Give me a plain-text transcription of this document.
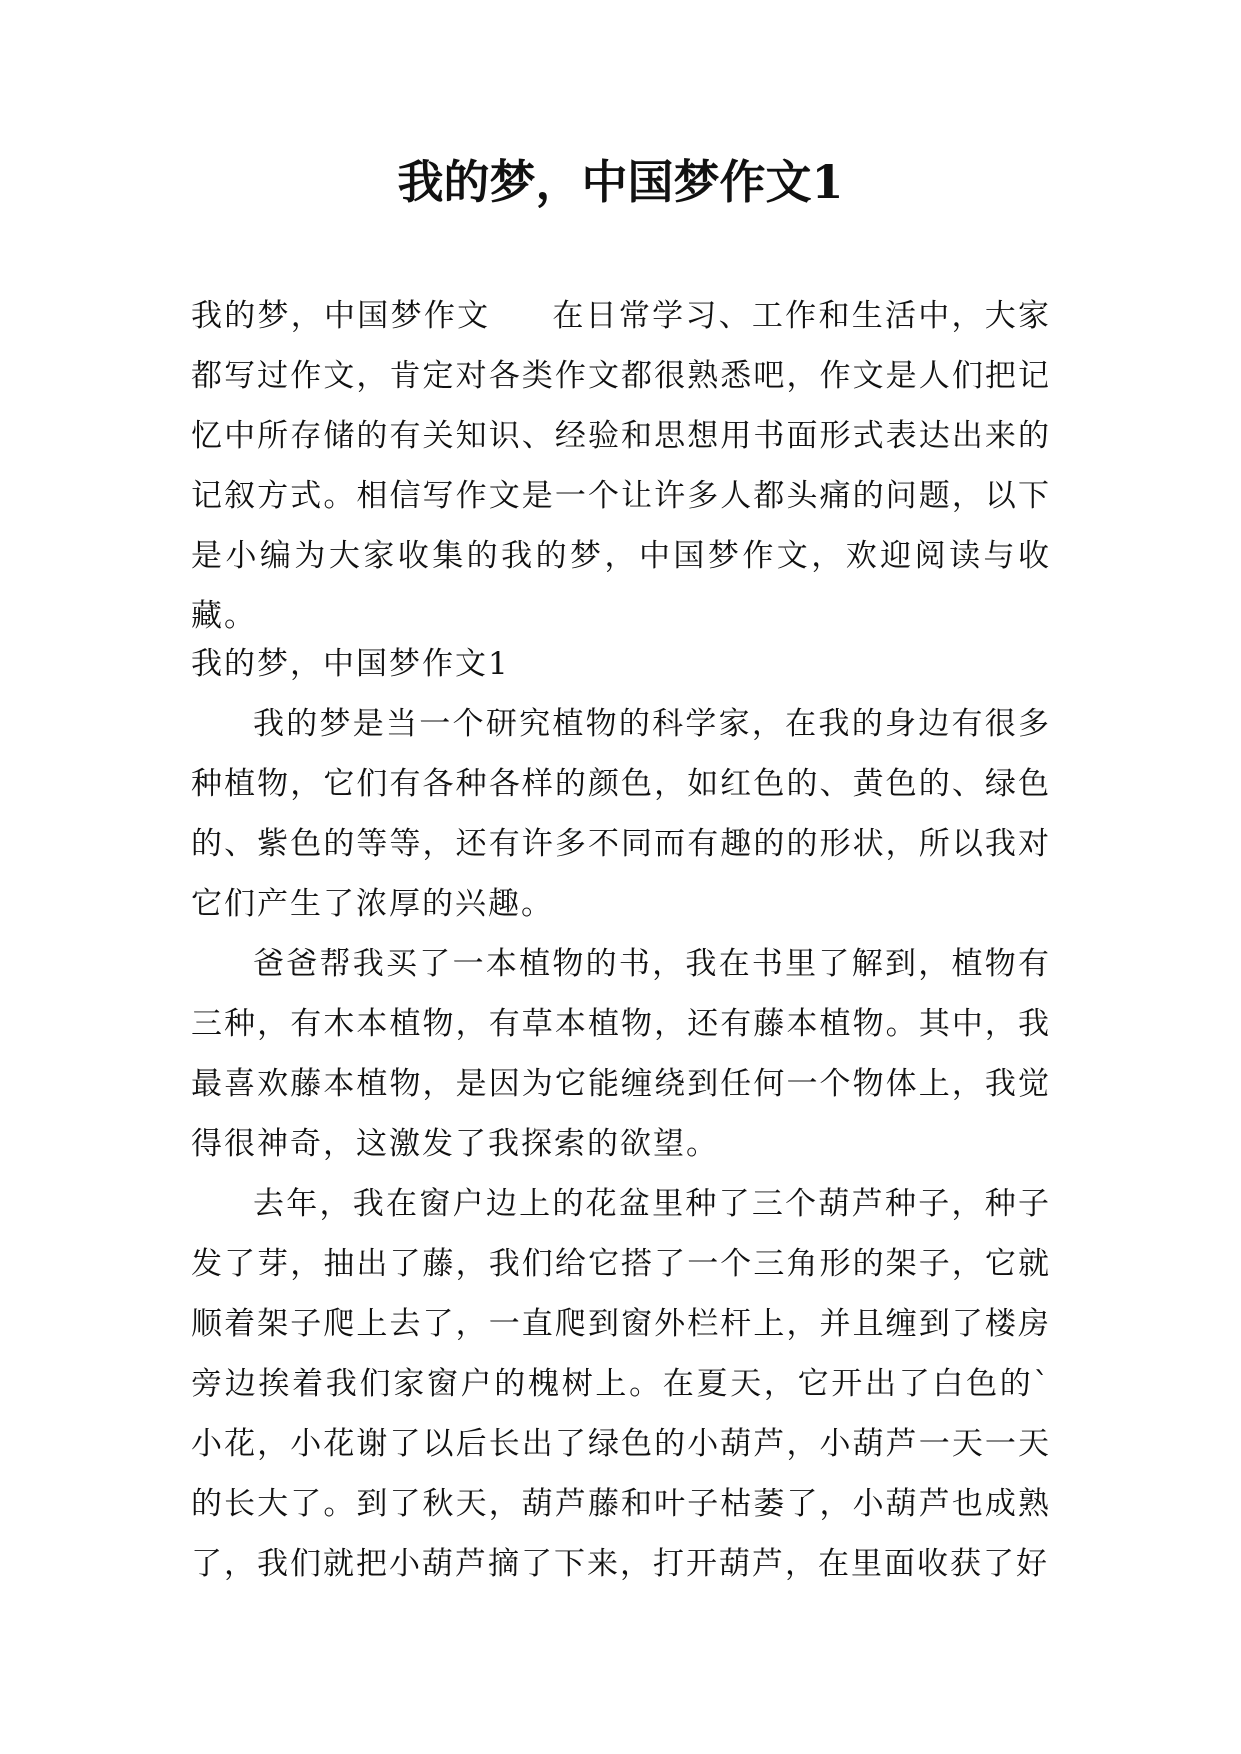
我的梦，中国梦作文1

我的梦，中国梦作文 在日常学习、工作和生活中，大家都写过作文，肯定对各类作文都很熟悉吧，作文是人们把记忆中所存储的有关知识、经验和思想用书面形式表达出来的记叙方式。相信写作文是一个让许多人都头痛的问题，以下是小编为大家收集的我的梦，中国梦作文，欢迎阅读与收藏。

我的梦，中国梦作文1

我的梦是当一个研究植物的科学家，在我的身边有很多种植物，它们有各种各样的颜色，如红色的、黄色的、绿色的、紫色的等等，还有许多不同而有趣的的形状，所以我对它们产生了浓厚的兴趣。

爸爸帮我买了一本植物的书，我在书里了解到，植物有三种，有木本植物，有草本植物，还有藤本植物。其中，我最喜欢藤本植物，是因为它能缠绕到任何一个物体上，我觉得很神奇，这激发了我探索的欲望。

去年，我在窗户边上的花盆里种了三个葫芦种子，种子发了芽，抽出了藤，我们给它搭了一个三角形的架子，它就顺着架子爬上去了，一直爬到窗外栏杆上，并且缠到了楼房旁边挨着我们家窗户的槐树上。在夏天，它开出了白色的`小花，小花谢了以后长出了绿色的小葫芦，小葫芦一天一天的长大了。到了秋天，葫芦藤和叶子枯萎了，小葫芦也成熟了，我们就把小葫芦摘了下来，打开葫芦，在里面收获了好
